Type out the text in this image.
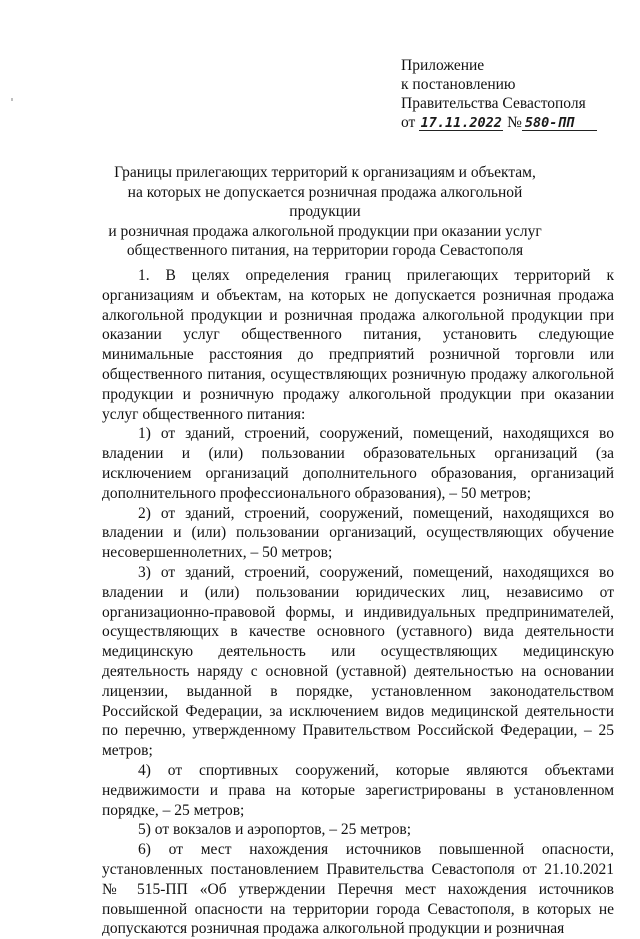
Приложение
к постановлению
Правительства Севастополя
от 17.11.2022 № 580-ПП
Границы прилегающих территорий к организациям и объектам,
на которых не допускается розничная продажа алкогольной продукции
и розничная продажа алкогольной продукции при оказании услуг
общественного питания, на территории города Севастополя

1. В целях определения границ прилегающих территорий к организациям и объектам, на которых не допускается розничная продажа алкогольной продукции и розничная продажа алкогольной продукции при оказании услуг общественного питания, установить следующие минимальные расстояния до предприятий розничной торговли или общественного питания, осуществляющих розничную продажу алкогольной продукции и розничную продажу алкогольной продукции при оказании услуг общественного питания:

1) от зданий, строений, сооружений, помещений, находящихся во владении и (или) пользовании образовательных организаций (за исключением организаций дополнительного образования, организаций дополнительного профессионального образования), – 50 метров;

2) от зданий, строений, сооружений, помещений, находящихся во владении и (или) пользовании организаций, осуществляющих обучение несовершеннолетних, – 50 метров;

3) от зданий, строений, сооружений, помещений, находящихся во владении и (или) пользовании юридических лиц, независимо от организационно-правовой формы, и индивидуальных предпринимателей, осуществляющих в качестве основного (уставного) вида деятельности медицинскую деятельность или осуществляющих медицинскую деятельность наряду с основной (уставной) деятельностью на основании лицензии, выданной в порядке, установленном законодательством Российской Федерации, за исключением видов медицинской деятельности по перечню, утвержденному Правительством Российской Федерации, – 25 метров;

4) от спортивных сооружений, которые являются объектами недвижимости и права на которые зарегистрированы в установленном порядке, – 25 метров;

5) от вокзалов и аэропортов, – 25 метров;

6) от мест нахождения источников повышенной опасности, установленных постановлением Правительства Севастополя от 21.10.2021 № 515-ПП «Об утверждении Перечня мест нахождения источников повышенной опасности на территории города Севастополя, в которых не допускаются розничная продажа алкогольной продукции и розничная
